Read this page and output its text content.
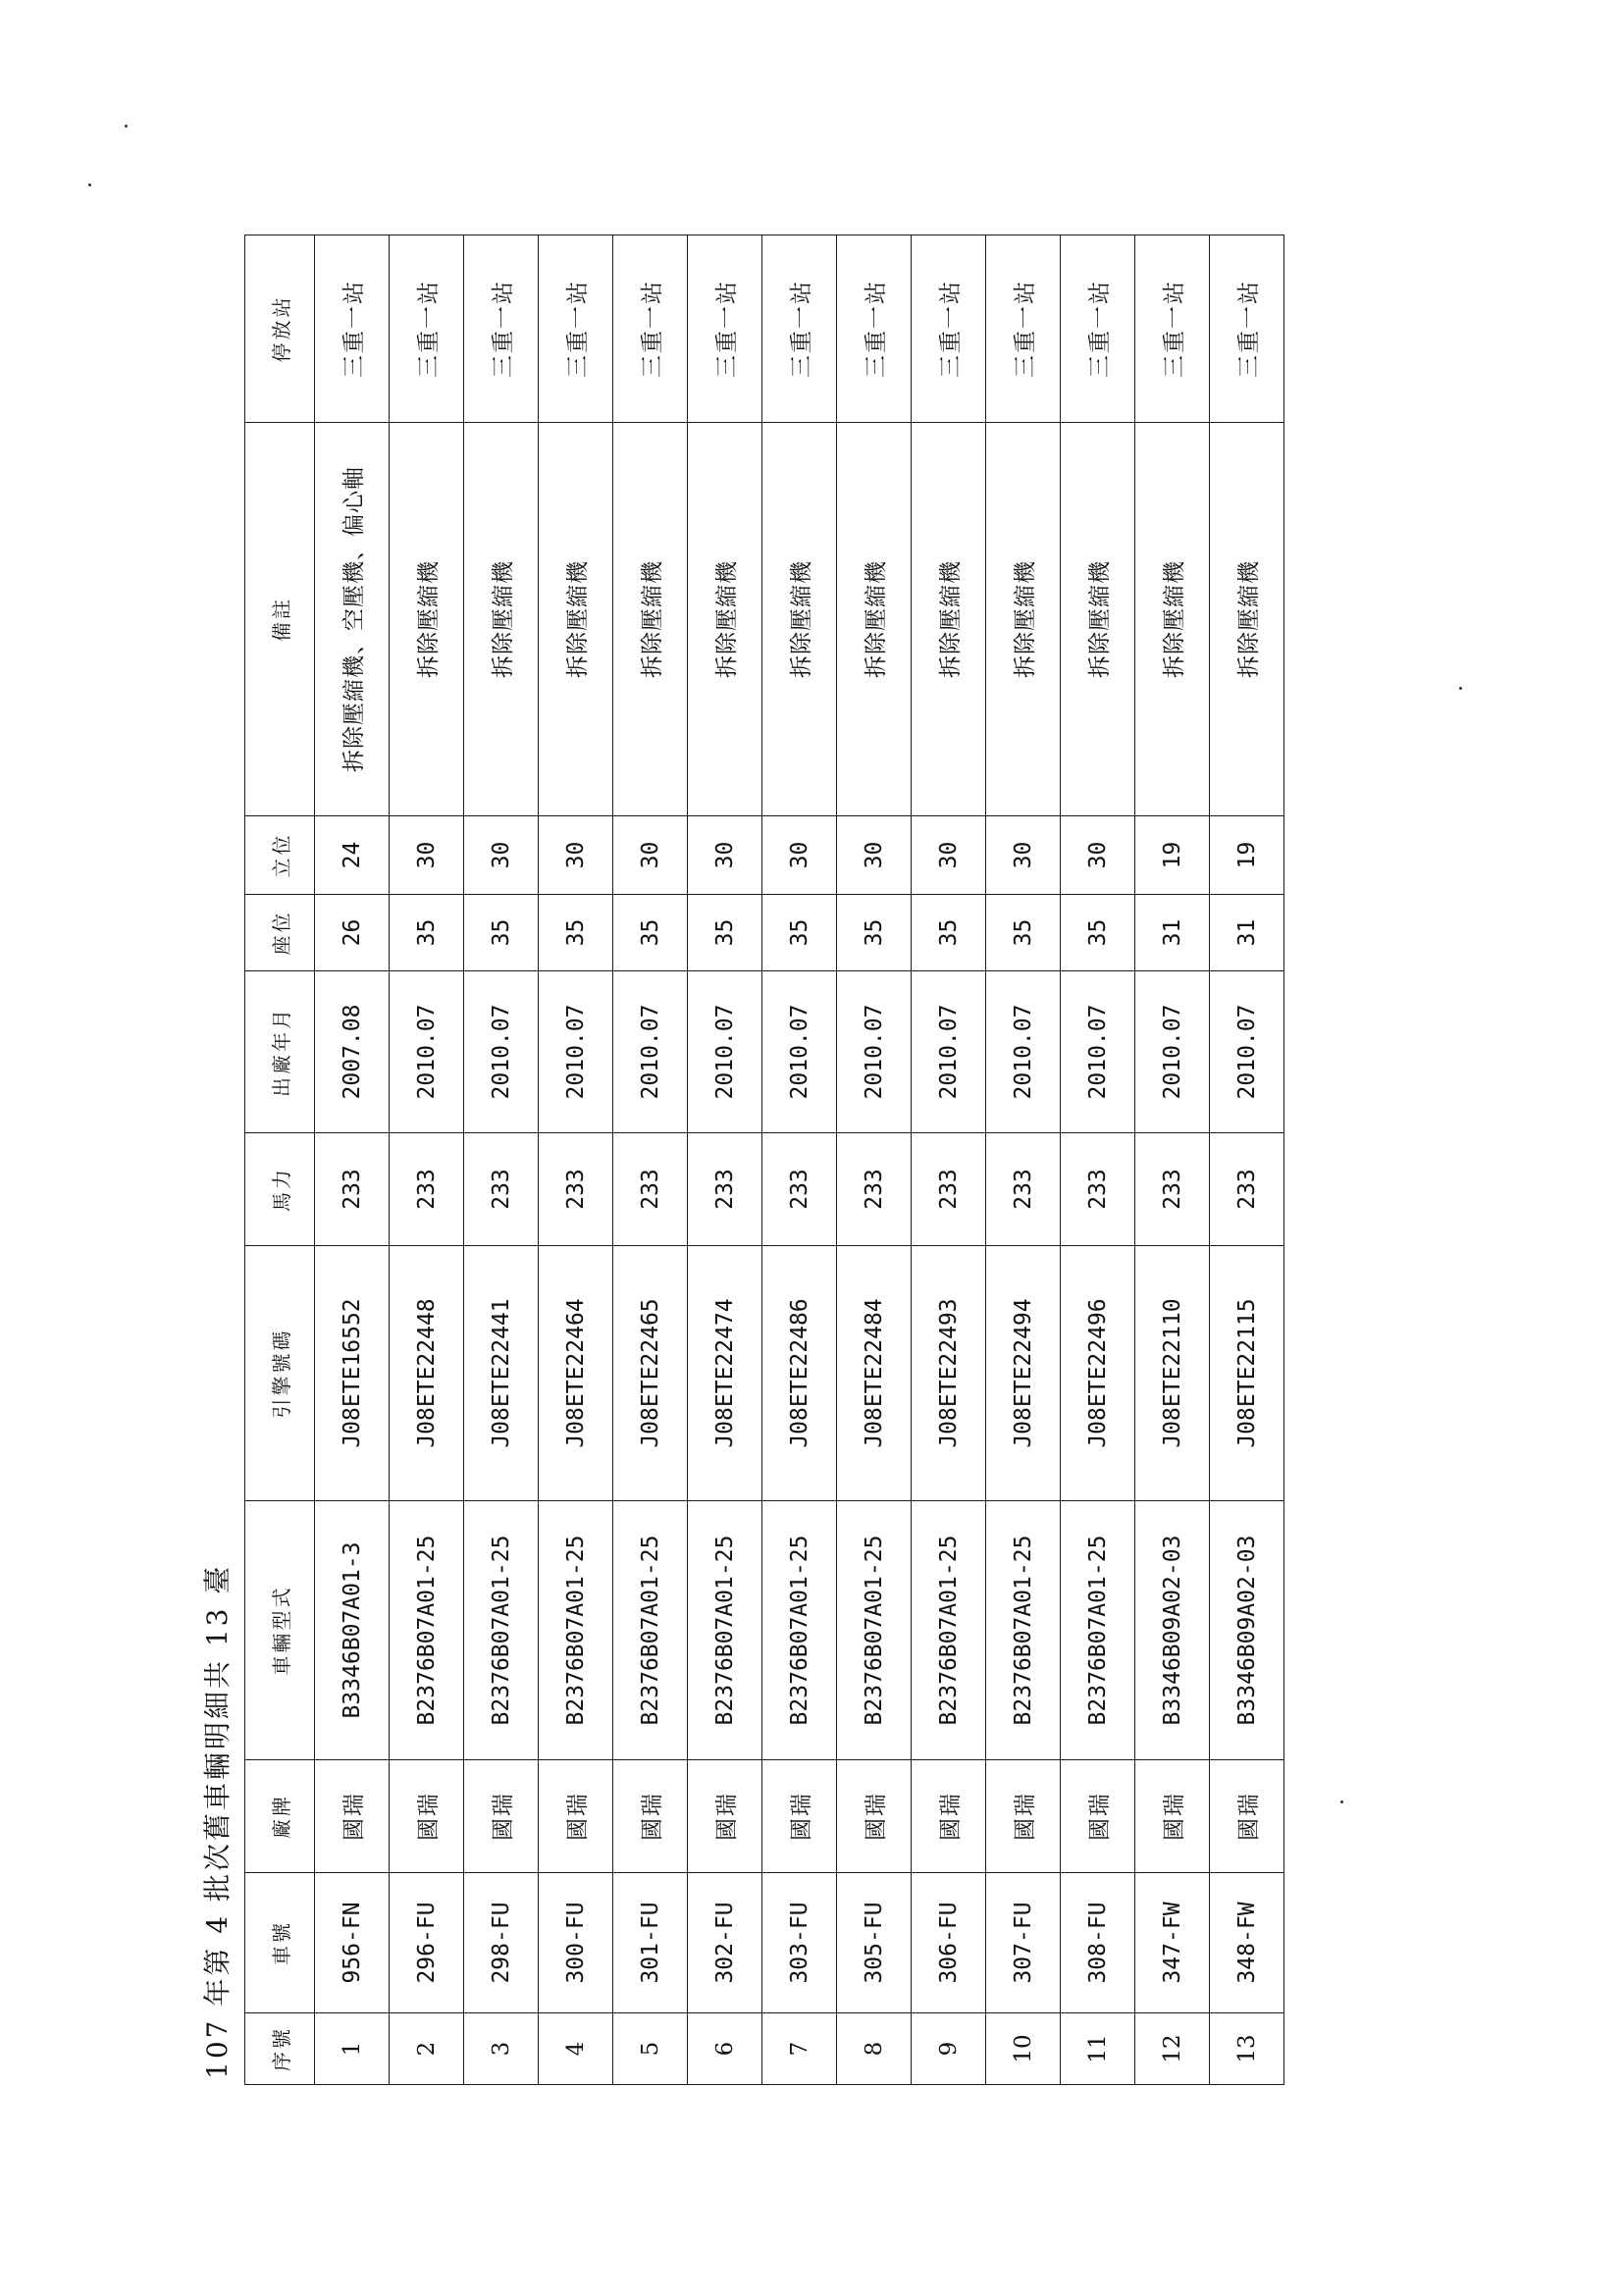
107 年第 4 批次舊車輛明細共 13 臺	序號	車號	廠牌	車輛型式	引擎號碼	馬力	出廠年月	座位	立位	備註	停放站
1	956-FN	國瑞	B3346B07A01-3	J08ETE16552	233	2007.08	26	24	拆除壓縮機、空壓機、偏心軸	三重一站
2	296-FU	國瑞	B2376B07A01-25	J08ETE22448	233	2010.07	35	30	拆除壓縮機	三重一站
3	298-FU	國瑞	B2376B07A01-25	J08ETE22441	233	2010.07	35	30	拆除壓縮機	三重一站
4	300-FU	國瑞	B2376B07A01-25	J08ETE22464	233	2010.07	35	30	拆除壓縮機	三重一站
5	301-FU	國瑞	B2376B07A01-25	J08ETE22465	233	2010.07	35	30	拆除壓縮機	三重一站
6	302-FU	國瑞	B2376B07A01-25	J08ETE22474	233	2010.07	35	30	拆除壓縮機	三重一站
7	303-FU	國瑞	B2376B07A01-25	J08ETE22486	233	2010.07	35	30	拆除壓縮機	三重一站
8	305-FU	國瑞	B2376B07A01-25	J08ETE22484	233	2010.07	35	30	拆除壓縮機	三重一站
9	306-FU	國瑞	B2376B07A01-25	J08ETE22493	233	2010.07	35	30	拆除壓縮機	三重一站
10	307-FU	國瑞	B2376B07A01-25	J08ETE22494	233	2010.07	35	30	拆除壓縮機	三重一站
11	308-FU	國瑞	B2376B07A01-25	J08ETE22496	233	2010.07	35	30	拆除壓縮機	三重一站
12	347-FW	國瑞	B3346B09A02-03	J08ETE22110	233	2010.07	31	19	拆除壓縮機	三重一站
13	348-FW	國瑞	B3346B09A02-03	J08ETE22115	233	2010.07	31	19	拆除壓縮機	三重一站
